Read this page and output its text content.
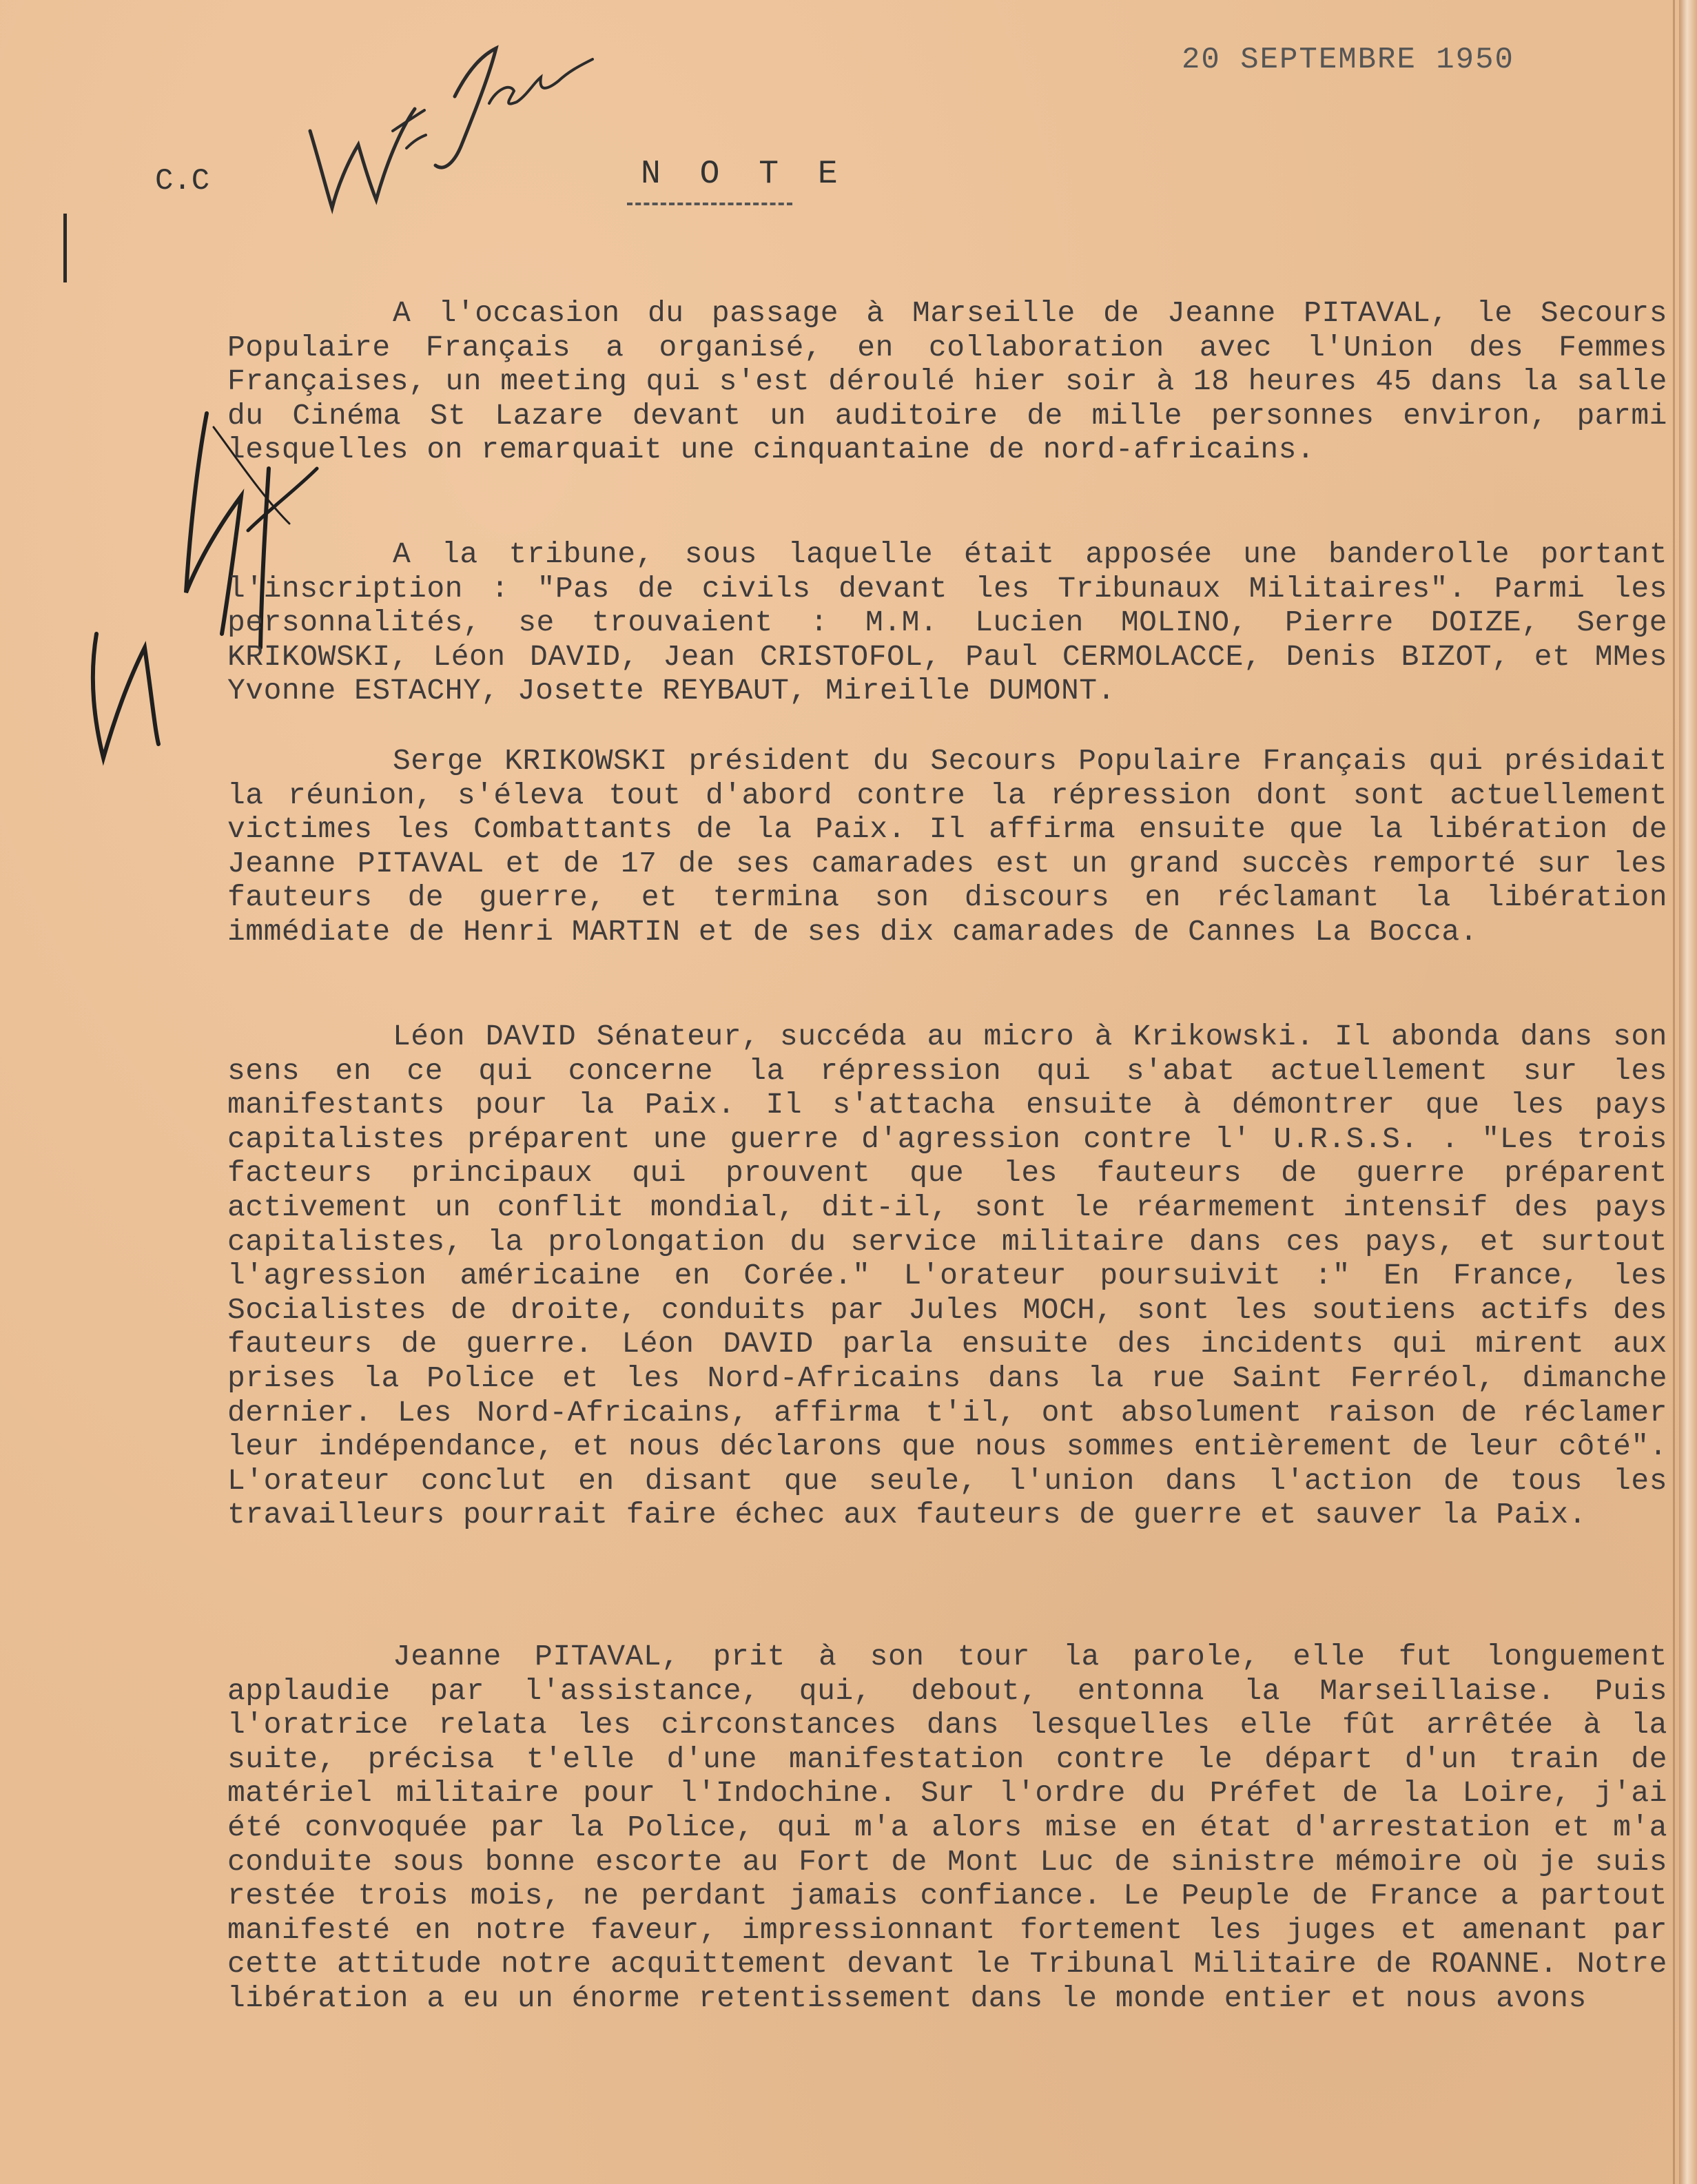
20 SEPTEMBRE 1950
C.C	N O T E

A l'occasion du passage à Marseille de Jeanne PITAVAL, le Secours Populaire Français a organisé, en collaboration avec l'Union des Femmes Françaises, un meeting qui s'est déroulé hier soir à 18 heures 45 dans la salle du Cinéma St Lazare devant un auditoire de mille personnes environ, parmi lesquelles on remarquait une cinquantaine de nord-africains.

A la tribune, sous laquelle était apposée une banderolle portant l'inscription : "Pas de civils devant les Tribunaux Militaires". Parmi les personnalités, se trouvaient : M.M. Lucien MOLINO, Pierre DOIZE, Serge KRIKOWSKI, Léon DAVID, Jean CRISTOFOL, Paul CERMOLACCE, Denis BIZOT, et MMes Yvonne ESTACHY, Josette REYBAUT, Mireille DUMONT.

Serge KRIKOWSKI président du Secours Populaire Français qui présidait la réunion, s'éleva tout d'abord contre la répression dont sont actuellement victimes les Combattants de la Paix. Il affirma ensuite que la libération de Jeanne PITAVAL et de 17 de ses camarades est un grand succès remporté sur les fauteurs de guerre, et termina son discours en réclamant la libération immédiate de Henri MARTIN et de ses dix camarades de Cannes La Bocca.

Léon DAVID Sénateur, succéda au micro à Krikowski. Il abonda dans son sens en ce qui concerne la répression qui s'abat actuellement sur les manifestants pour la Paix. Il s'attacha ensuite à démontrer que les pays capitalistes préparent une guerre d'agression contre l' U.R.S.S. . "Les trois facteurs principaux qui prouvent que les fauteurs de guerre préparent activement un conflit mondial, dit-il, sont le réarmement intensif des pays capitalistes, la prolongation du service militaire dans ces pays, et surtout l'agression américaine en Corée." L'orateur poursuivit :" En France, les Socialistes de droite, conduits par Jules MOCH, sont les soutiens actifs des fauteurs de guerre. Léon DAVID parla ensuite des incidents qui mirent aux prises la Police et les Nord-Africains dans la rue Saint Ferréol, dimanche dernier. Les Nord-Africains, affirma t'il, ont absolument raison de réclamer leur indépendance, et nous déclarons que nous sommes entièrement de leur côté". L'orateur conclut en disant que seule, l'union dans l'action de tous les travailleurs pourrait faire échec aux fauteurs de guerre et sauver la Paix.

Jeanne PITAVAL, prit à son tour la parole, elle fut longuement applaudie par l'assistance, qui, debout, entonna la Marseillaise. Puis l'oratrice relata les circonstances dans lesquelles elle fût arrêtée à la suite, précisa t'elle d'une manifestation contre le départ d'un train de matériel militaire pour l'Indochine. Sur l'ordre du Préfet de la Loire, j'ai été convoquée par la Police, qui m'a alors mise en état d'arrestation et m'a conduite sous bonne escorte au Fort de Mont Luc de sinistre mémoire où je suis restée trois mois, ne perdant jamais confiance. Le Peuple de France a partout manifesté en notre faveur, impressionnant fortement les juges et amenant par cette attitude notre acquittement devant le Tribunal Militaire de ROANNE. Notre libération a eu un énorme retentissement dans le monde entier et nous avons
